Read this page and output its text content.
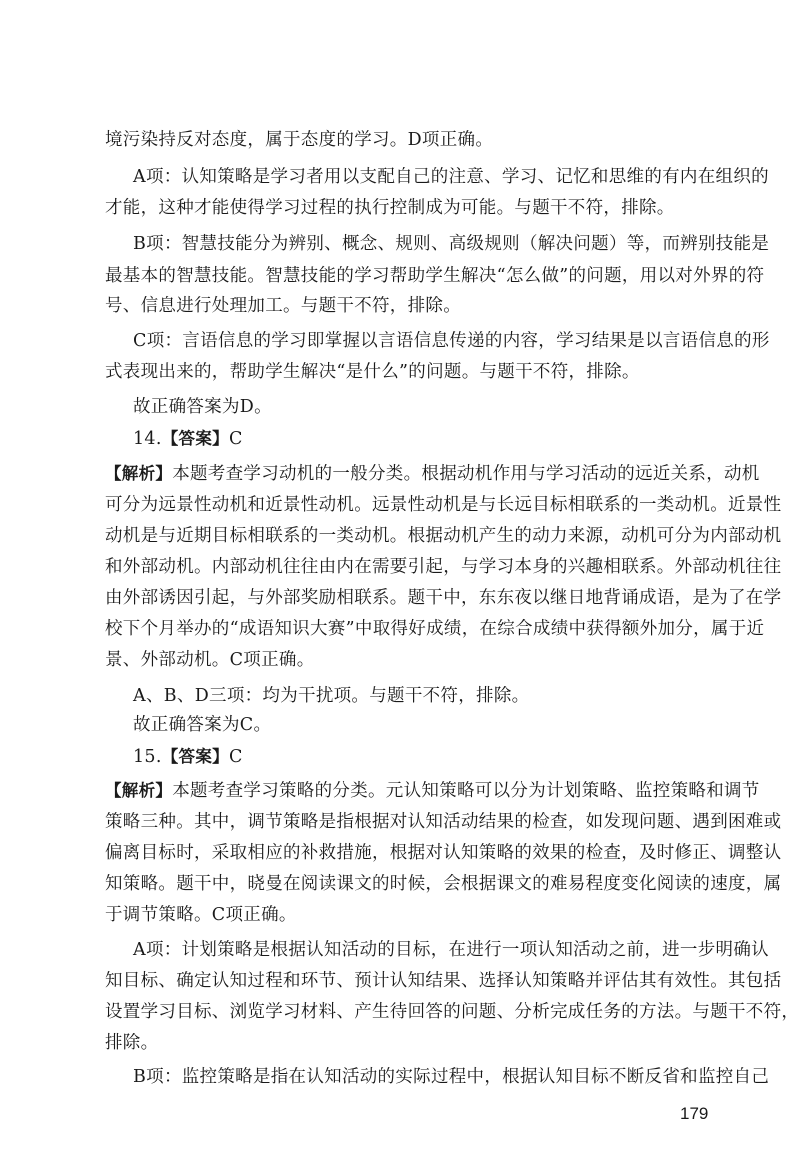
境污染持反对态度，属于态度的学习。D项正确。
A项：认知策略是学习者用以支配自己的注意、学习、记忆和思维的有内在组织的
才能，这种才能使得学习过程的执行控制成为可能。与题干不符，排除。
B项：智慧技能分为辨别、概念、规则、高级规则（解决问题）等，而辨别技能是
最基本的智慧技能。智慧技能的学习帮助学生解决“怎么做”的问题，用以对外界的符
号、信息进行处理加工。与题干不符，排除。
C项：言语信息的学习即掌握以言语信息传递的内容，学习结果是以言语信息的形
式表现出来的，帮助学生解决“是什么”的问题。与题干不符，排除。
故正确答案为D。
14.【答案】C
【解析】本题考查学习动机的一般分类。根据动机作用与学习活动的远近关系，动机
可分为远景性动机和近景性动机。远景性动机是与长远目标相联系的一类动机。近景性
动机是与近期目标相联系的一类动机。根据动机产生的动力来源，动机可分为内部动机
和外部动机。内部动机往往由内在需要引起，与学习本身的兴趣相联系。外部动机往往
由外部诱因引起，与外部奖励相联系。题干中，东东夜以继日地背诵成语，是为了在学
校下个月举办的“成语知识大赛”中取得好成绩，在综合成绩中获得额外加分，属于近
景、外部动机。C项正确。
A、B、D三项：均为干扰项。与题干不符，排除。
故正确答案为C。
15.【答案】C
【解析】本题考查学习策略的分类。元认知策略可以分为计划策略、监控策略和调节
策略三种。其中，调节策略是指根据对认知活动结果的检查，如发现问题、遇到困难或
偏离目标时，采取相应的补救措施，根据对认知策略的效果的检查，及时修正、调整认
知策略。题干中，晓曼在阅读课文的时候，会根据课文的难易程度变化阅读的速度，属
于调节策略。C项正确。
A项：计划策略是根据认知活动的目标，在进行一项认知活动之前，进一步明确认
知目标、确定认知过程和环节、预计认知结果、选择认知策略并评估其有效性。其包括
设置学习目标、浏览学习材料、产生待回答的问题、分析完成任务的方法。与题干不符，
排除。
B项：监控策略是指在认知活动的实际过程中，根据认知目标不断反省和监控自己
179
